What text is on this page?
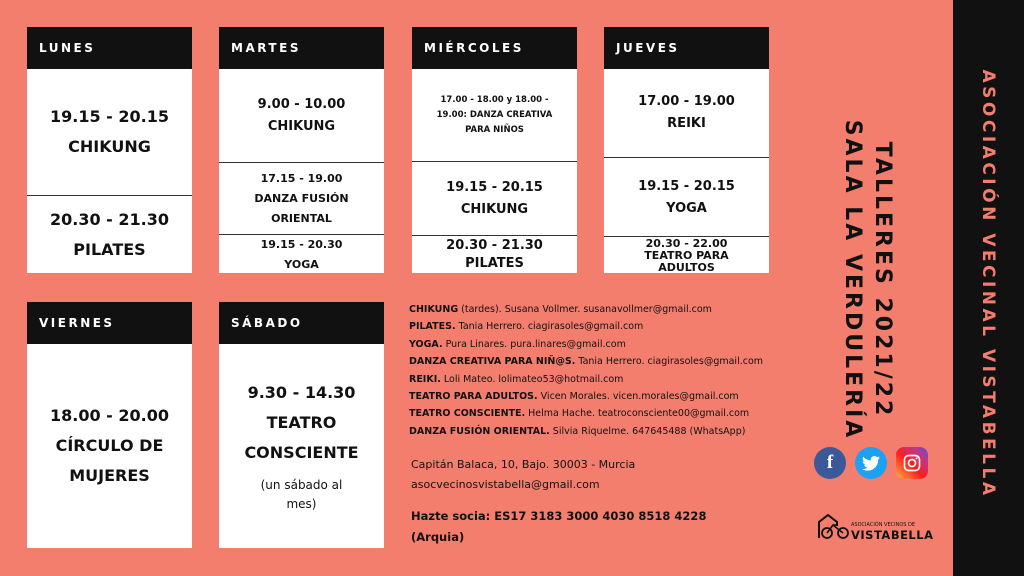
LUNES
19.15 - 20.15
CHIKUNG
20.30 - 21.30
PILATES
MARTES
9.00 - 10.00
CHIKUNG
17.15 - 19.00
DANZA FUSIÓN
ORIENTAL
19.15 - 20.30
YOGA
MIÉRCOLES
17.00 - 18.00 y 18.00 -
19.00: DANZA CREATIVA
PARA NIÑOS
19.15 - 20.15
CHIKUNG
20.30 - 21.30
PILATES
JUEVES
17.00 - 19.00
REIKI
19.15 - 20.15
YOGA
20.30 - 22.00
TEATRO PARA
ADULTOS
VIERNES
18.00 - 20.00
CÍRCULO DE
MUJERES
SÁBADO
9.30 - 14.30
TEATRO
CONSCIENTE
(un sábado al
mes)
CHIKUNG (tardes). Susana Vollmer. susanavollmer@gmail.com
PILATES. Tania Herrero. ciagirasoles@gmail.com
YOGA. Pura Linares. pura.linares@gmail.com
DANZA CREATIVA PARA NIÑ@S. Tania Herrero. ciagirasoles@gmail.com
REIKI. Loli Mateo. lolimateo53@hotmail.com
TEATRO PARA ADULTOS. Vicen Morales. vicen.morales@gmail.com
TEATRO CONSCIENTE. Helma Hache. teatroconsciente00@gmail.com
DANZA FUSIÓN ORIENTAL. Silvia Riquelme. 647645488 (WhatsApp)
Capitán Balaca, 10, Bajo. 30003 - Murcia
asocvecinosvistabella@gmail.com
Hazte socia: ES17 3183 3000 4030 8518 4228
(Arquia)
TALLERES 2021/22
SALA LA VERDULERÍA
f
ASOCIACIÓN VECINOS DE
VISTABELLA
ASOCIACIÓN VECINAL VISTABELLA
